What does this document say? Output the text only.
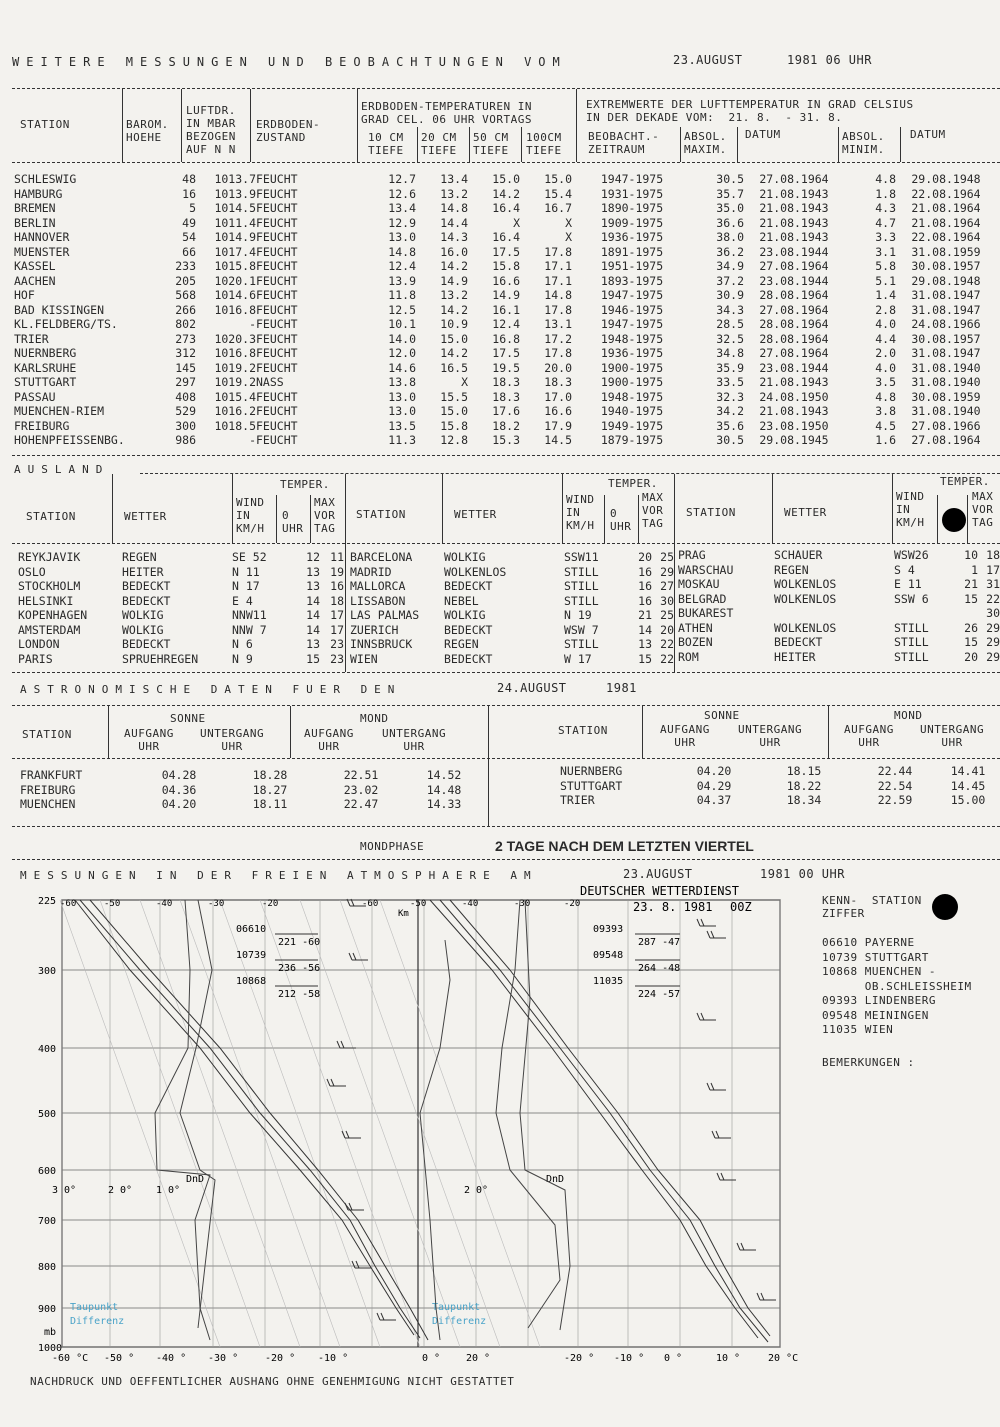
WEITERE MESSUNGEN UND BEOBACHTUNGEN VOM	23.AUGUST	1981 06 UHR
STATION	BAROM.
HOEHE
LUFTDR.
IN MBAR
BEZOGEN
AUF N N
ERDBODEN-
ZUSTAND
ERDBODEN-TEMPERATUREN IN
GRAD CEL. 06 UHR VORTAGS
10 CM
TIEFE
20 CM
TIEFE
50 CM
TIEFE
100CM
TIEFE
EXTREMWERTE DER LUFTTEMPERATUR IN GRAD CELSIUS
IN DER DEKADE VOM:  21. 8.  - 31. 8.
BEOBACHT.-
ZEITRAUM
ABSOL.
MAXIM.
DATUM	ABSOL.
MINIM.
DATUM
SCHLESWIG	48	1013.7	FEUCHT	12.7	13.4	15.0	15.0	1947-1975	30.5	27.08.1964	4.8	29.08.1948
HAMBURG	16	1013.9	FEUCHT	12.6	13.2	14.2	15.4	1931-1975	35.7	21.08.1943	1.8	22.08.1964
BREMEN	5	1014.5	FEUCHT	13.4	14.8	16.4	16.7	1890-1975	35.0	21.08.1943	4.3	21.08.1964
BERLIN	49	1011.4	FEUCHT	12.9	14.4	X	X	1909-1975	36.6	21.08.1943	4.7	21.08.1964
HANNOVER	54	1014.9	FEUCHT	13.0	14.3	16.4	X	1936-1975	38.0	21.08.1943	3.3	22.08.1964
MUENSTER	66	1017.4	FEUCHT	14.8	16.0	17.5	17.8	1891-1975	36.2	23.08.1944	3.1	31.08.1959
KASSEL	233	1015.8	FEUCHT	12.4	14.2	15.8	17.1	1951-1975	34.9	27.08.1964	5.8	30.08.1957
AACHEN	205	1020.1	FEUCHT	13.9	14.9	16.6	17.1	1893-1975	37.2	23.08.1944	5.1	29.08.1948
HOF	568	1014.6	FEUCHT	11.8	13.2	14.9	14.8	1947-1975	30.9	28.08.1964	1.4	31.08.1947
BAD KISSINGEN	266	1016.8	FEUCHT	12.5	14.2	16.1	17.8	1946-1975	34.3	27.08.1964	2.8	31.08.1947
KL.FELDBERG/TS.	802	-	FEUCHT	10.1	10.9	12.4	13.1	1947-1975	28.5	28.08.1964	4.0	24.08.1966
TRIER	273	1020.3	FEUCHT	14.0	15.0	16.8	17.2	1948-1975	32.5	28.08.1964	4.4	30.08.1957
NUERNBERG	312	1016.8	FEUCHT	12.0	14.2	17.5	17.8	1936-1975	34.8	27.08.1964	2.0	31.08.1947
KARLSRUHE	145	1019.2	FEUCHT	14.6	16.5	19.5	20.0	1900-1975	35.9	23.08.1944	4.0	31.08.1940
STUTTGART	297	1019.2	NASS	13.8	X	18.3	18.3	1900-1975	33.5	21.08.1943	3.5	31.08.1940
PASSAU	408	1015.4	FEUCHT	13.0	15.5	18.3	17.0	1948-1975	32.3	24.08.1950	4.8	30.08.1959
MUENCHEN-RIEM	529	1016.2	FEUCHT	13.0	15.0	17.6	16.6	1940-1975	34.2	21.08.1943	3.8	31.08.1940
FREIBURG	300	1018.5	FEUCHT	13.5	15.8	18.2	17.9	1949-1975	35.6	23.08.1950	4.5	27.08.1966
HOHENPFEISSENBG.	986	-	FEUCHT	11.3	12.8	15.3	14.5	1879-1975	30.5	29.08.1945	1.6	27.08.1964
AUSLAND
STATION	WETTER
WIND
IN
KM/H
TEMPER.
0
UHR
MAX
VOR
TAG
STATION	WETTER
WIND
IN
KM/H
TEMPER.
0
UHR
MAX
VOR
TAG
STATION	WETTER
WIND
IN
KM/H
TEMPER.
MAX
VOR
TAG
REYKJAVIK	REGEN	SE 52	12	11
OSLO	HEITER	N 11	13	19
STOCKHOLM	BEDECKT	N 17	13	16
HELSINKI	BEDECKT	E 4	14	18
KOPENHAGEN	WOLKIG	NNW11	14	17
AMSTERDAM	WOLKIG	NNW 7	14	17
LONDON	BEDECKT	N 6	13	23
PARIS	SPRUEHREGEN	N 9	15	23
BARCELONA	WOLKIG	SSW11	20	25
MADRID	WOLKENLOS	STILL	16	29
MALLORCA	BEDECKT	STILL	16	27
LISSABON	NEBEL	STILL	16	30
LAS PALMAS	WOLKIG	N 19	21	25
ZUERICH	BEDECKT	WSW 7	14	20
INNSBRUCK	REGEN	STILL	13	22
WIEN	BEDECKT	W 17	15	22
PRAG	SCHAUER	WSW26	10	18
WARSCHAU	REGEN	S 4	1	17
MOSKAU	WOLKENLOS	E 11	21	31
BELGRAD	WOLKENLOS	SSW 6	15	22
BUKAREST				30
ATHEN	WOLKENLOS	STILL	26	29
BOZEN	BEDECKT	STILL	15	29
ROM	HEITER	STILL	20	29
ASTRONOMISCHE DATEN FUER DEN	24.AUGUST	1981
STATION
SONNE
AUFGANG
UHR
UNTERGANG
UHR
MOND
AUFGANG
UHR
UNTERGANG
UHR
STATION
SONNE
AUFGANG
UHR
UNTERGANG
UHR
MOND
AUFGANG
UHR
UNTERGANG
UHR
FRANKFURT	04.28	18.28	22.51	14.52
FREIBURG	04.36	18.27	23.02	14.48
MUENCHEN	04.20	18.11	22.47	14.33
NUERNBERG	04.20	18.15	22.44	14.41
STUTTGART	04.29	18.22	22.54	14.45
TRIER	04.37	18.34	22.59	15.00
MONDPHASE	2 TAGE NACH DEM LETZTEN VIERTEL
MESSUNGEN IN DER FREIEN ATMOSPHAERE AM	23.AUGUST	1981 00 UHR
225
300
400
500
600
700
800
900
1000
-60 °C -50 ° -40 ° -30 °	-20 ° -10 °	0 °	20 °	-20 ° -10 ° 0 °	10 °	20 °C
-60	-50	-40	-30	-20	-60	-50	-40	-30	-20
3 0°	2 0° 1 0°	2 0°
mb
Km
DnD	DnD
Taupunkt
Differenz
Taupunkt
Differenz
DEUTSCHER WETTERDIENST
23. 8. 1981 00Z
06610
221 -60
10739
236 -56
10868
212 -58
09393
287 -47
09548
264 -48
11035
224 -57
KENN-  STATION
ZIFFER
06610 PAYERNE
10739 STUTTGART
10868 MUENCHEN -
OB.SCHLEISSHEIM
09393 LINDENBERG
09548 MEININGEN
11035 WIEN
BEMERKUNGEN :
NACHDRUCK UND OEFFENTLICHER AUSHANG OHNE GENEHMIGUNG NICHT GESTATTET
